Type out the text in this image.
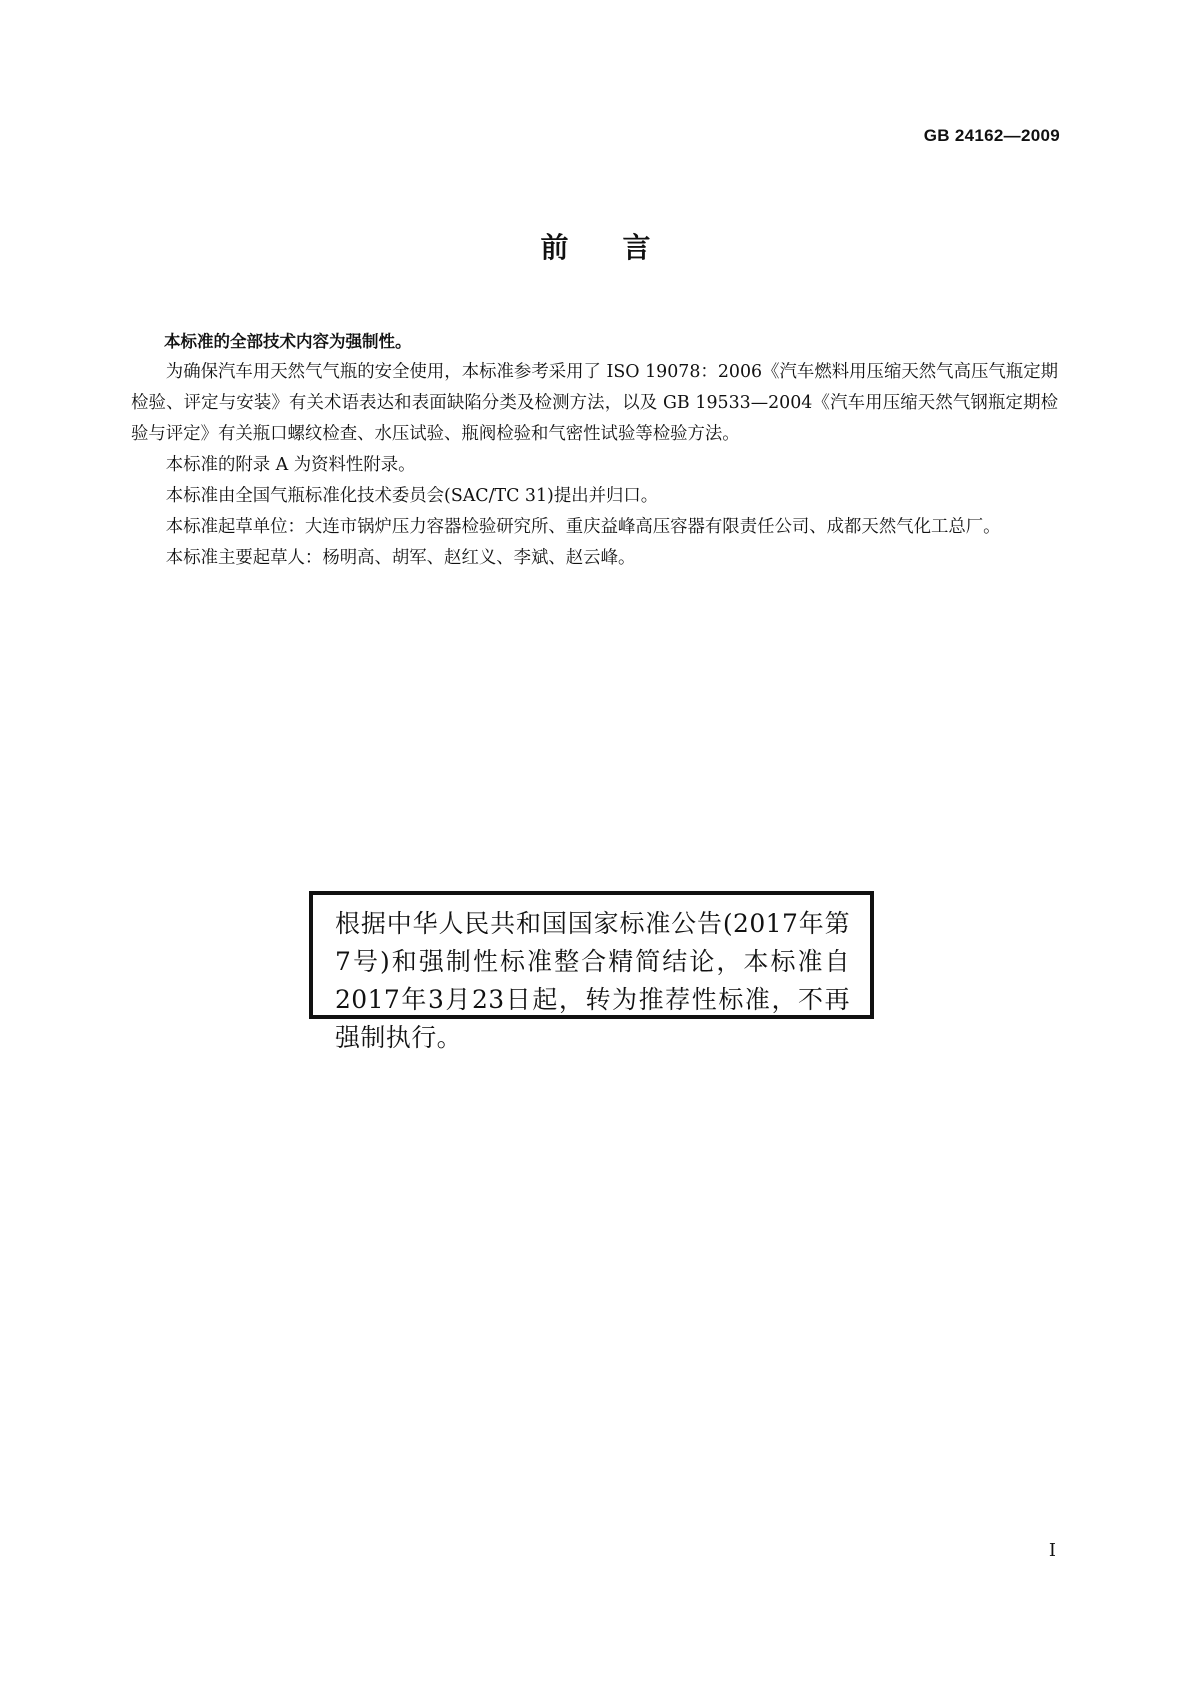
GB 24162—2009
前言

本标准的全部技术内容为强制性。

为确保汽车用天然气气瓶的安全使用，本标准参考采用了 ISO 19078：2006《汽车燃料用压缩天然气高压气瓶定期检验、评定与安装》有关术语表达和表面缺陷分类及检测方法，以及 GB 19533—2004《汽车用压缩天然气钢瓶定期检验与评定》有关瓶口螺纹检查、水压试验、瓶阀检验和气密性试验等检验方法。

本标准的附录 A 为资料性附录。

本标准由全国气瓶标准化技术委员会(SAC/TC 31)提出并归口。

本标准起草单位：大连市锅炉压力容器检验研究所、重庆益峰高压容器有限责任公司、成都天然气化工总厂。

本标准主要起草人：杨明高、胡军、赵红义、李斌、赵云峰。

根据中华人民共和国国家标准公告(2017年第7号)和强制性标准整合精简结论，本标准自2017年3月23日起，转为推荐性标准，不再强制执行。
I
